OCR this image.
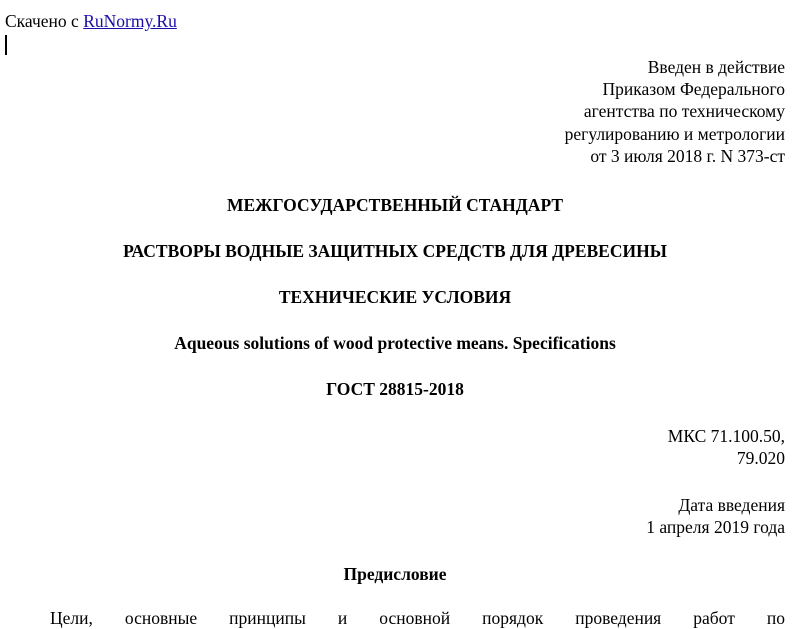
Скачено с RuNormy.Ru
Введен в действие
Приказом Федерального
агентства по техническому
регулированию и метрологии
от 3 июля 2018 г. N 373-ст
МЕЖГОСУДАРСТВЕННЫЙ СТАНДАРТ
РАСТВОРЫ ВОДНЫЕ ЗАЩИТНЫХ СРЕДСТВ ДЛЯ ДРЕВЕСИНЫ
ТЕХНИЧЕСКИЕ УСЛОВИЯ
Aqueous solutions of wood protective means. Specifications
ГОСТ 28815-2018
МКС 71.100.50,
79.020
Дата введения
1 апреля 2019 года
Предисловие
Цели, основные принципы и основной порядок проведения работ по
